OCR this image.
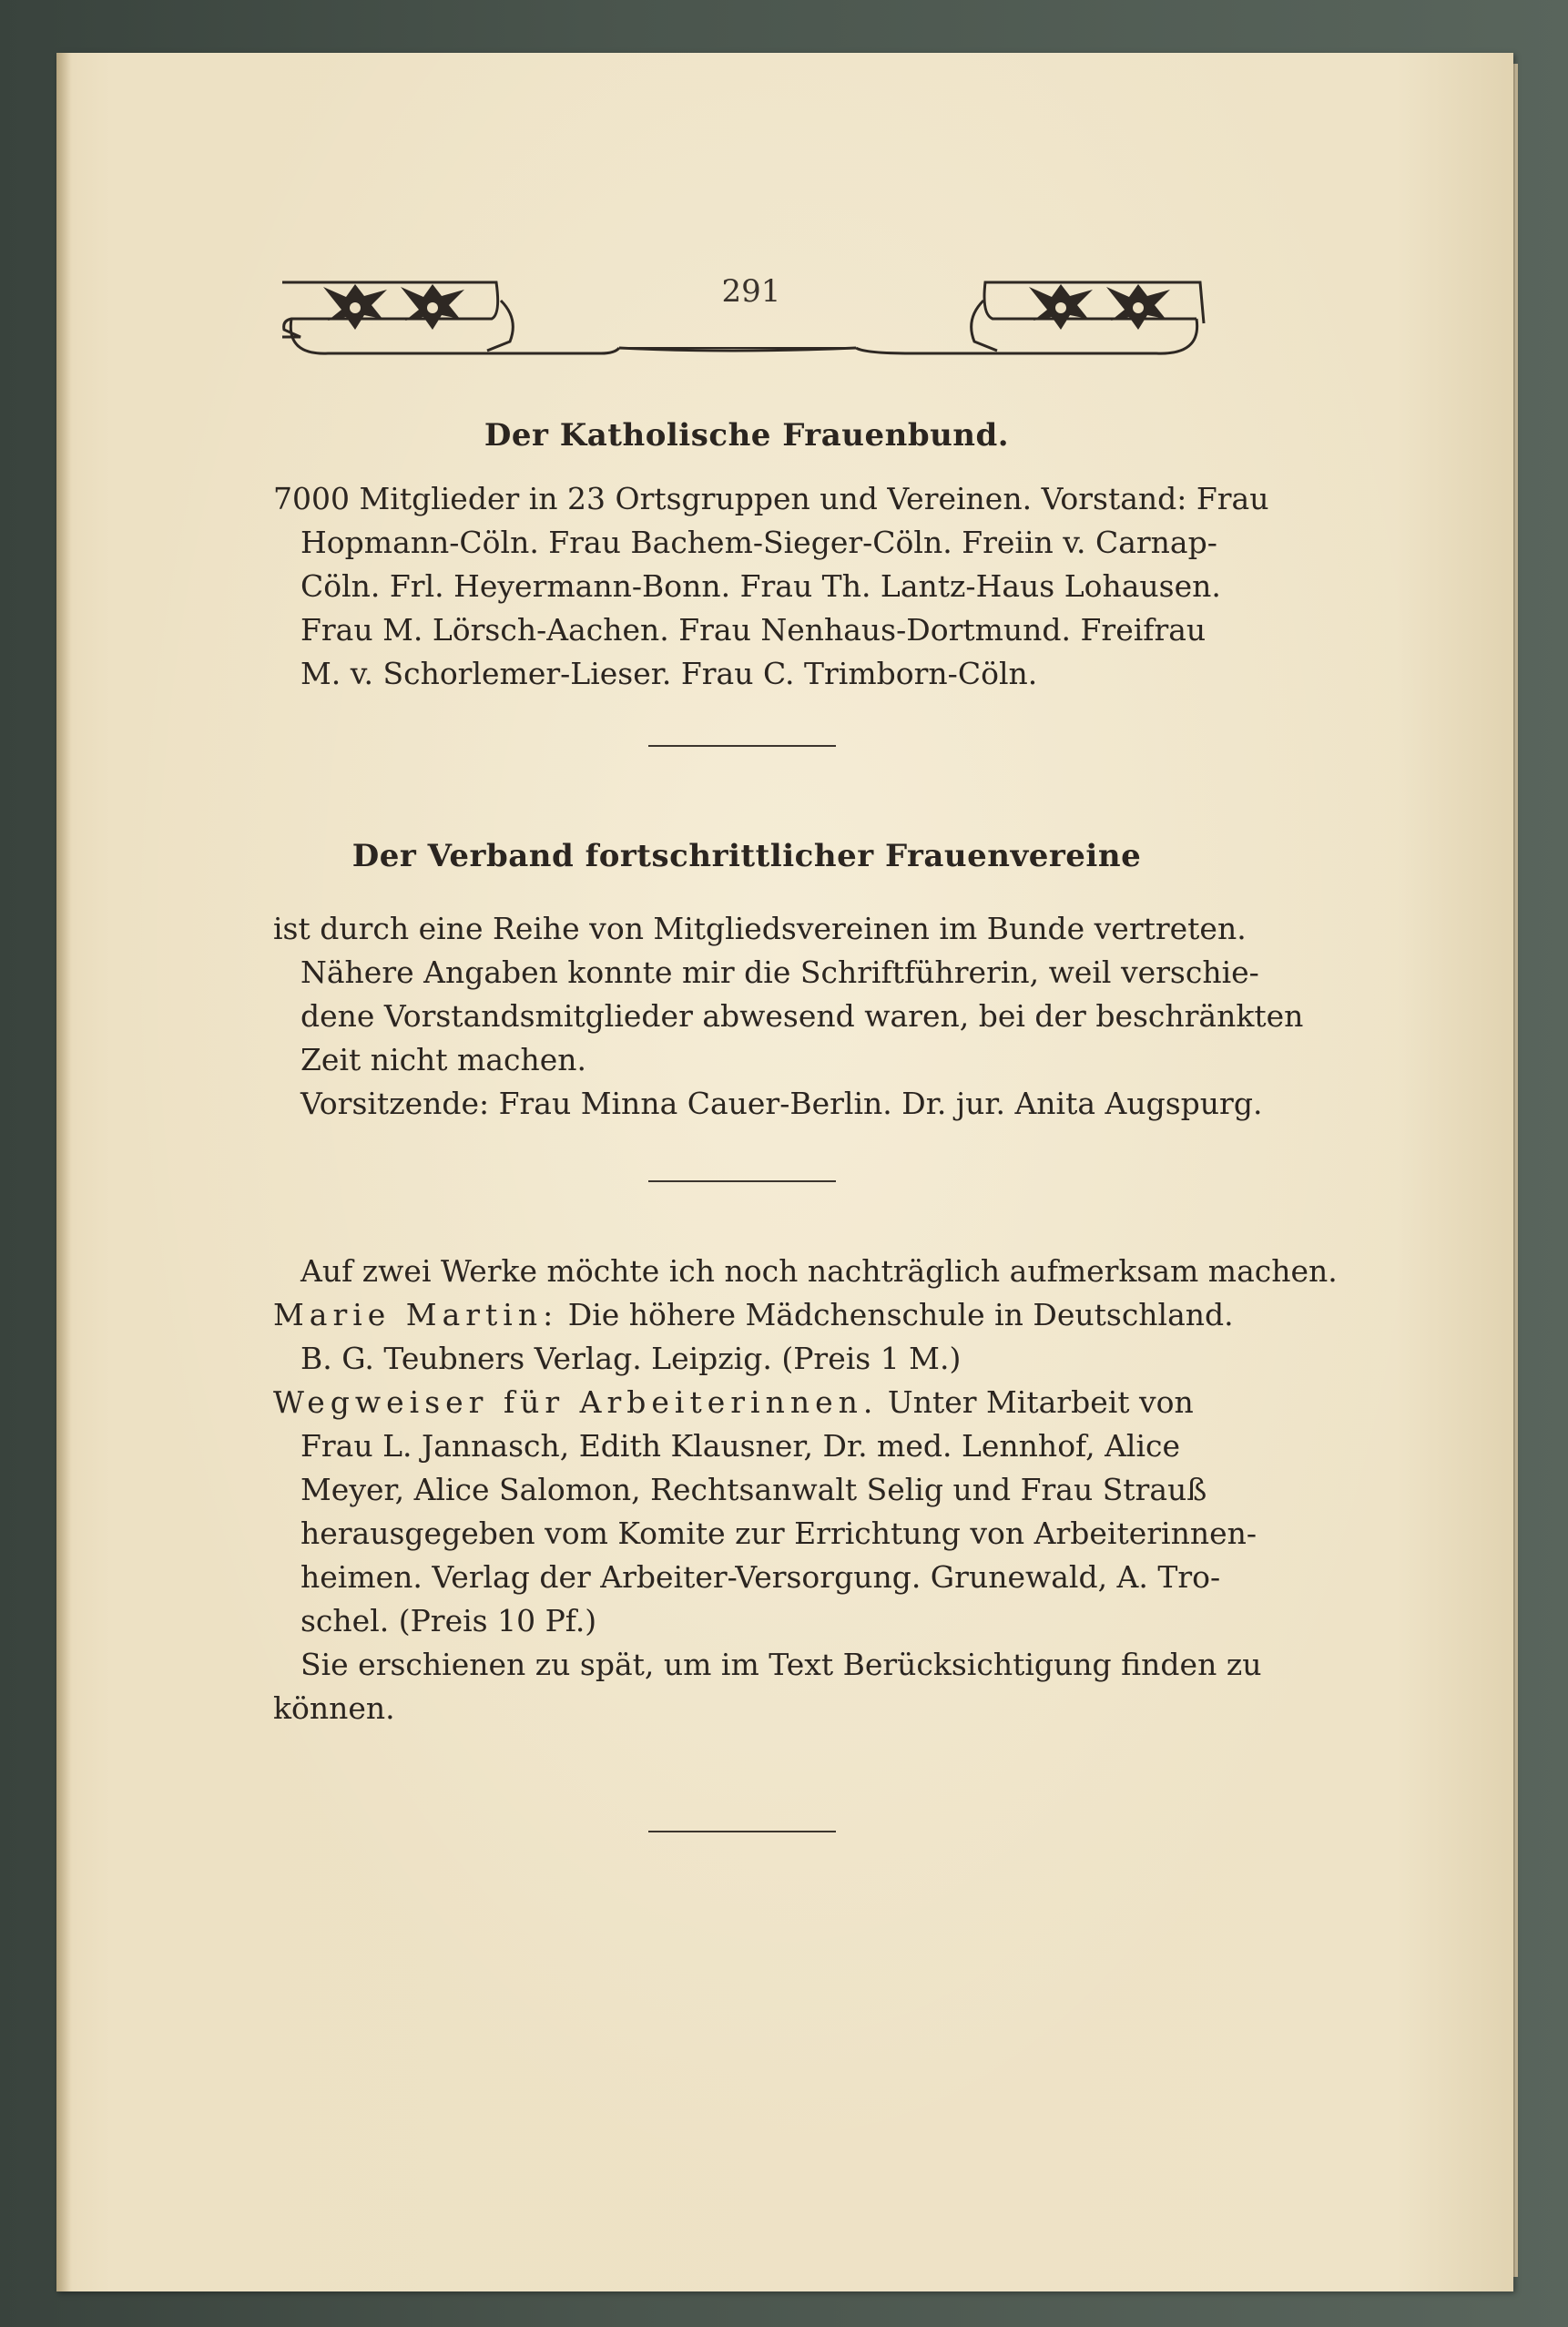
291
Der Katholische Frauenbund.
7000 Mitglieder in 23 Ortsgruppen und Vereinen. Vorstand: Frau
Hopmann-Cöln. Frau Bachem-Sieger-Cöln. Freiin v. Carnap-
Cöln. Frl. Heyermann-Bonn. Frau Th. Lantz-Haus Lohausen.
Frau M. Lörsch-Aachen. Frau Nenhaus-Dortmund. Freifrau
M. v. Schorlemer-Lieser. Frau C. Trimborn-Cöln.
Der Verband fortschrittlicher Frauenvereine
ist durch eine Reihe von Mitgliedsvereinen im Bunde vertreten.
Nähere Angaben konnte mir die Schriftführerin, weil verschie-
dene Vorstandsmitglieder abwesend waren, bei der beschränkten
Zeit nicht machen.
Vorsitzende: Frau Minna Cauer-Berlin. Dr. jur. Anita Augspurg.
Auf zwei Werke möchte ich noch nachträglich aufmerksam machen.
Marie Martin: Die höhere Mädchenschule in Deutschland.
B. G. Teubners Verlag. Leipzig. (Preis 1 M.)
Wegweiser für Arbeiterinnen. Unter Mitarbeit von
Frau L. Jannasch, Edith Klausner, Dr. med. Lennhof, Alice
Meyer, Alice Salomon, Rechtsanwalt Selig und Frau Strauß
herausgegeben vom Komite zur Errichtung von Arbeiterinnen-
heimen. Verlag der Arbeiter-Versorgung. Grunewald, A. Tro-
schel. (Preis 10 Pf.)
Sie erschienen zu spät, um im Text Berücksichtigung finden zu
können.
